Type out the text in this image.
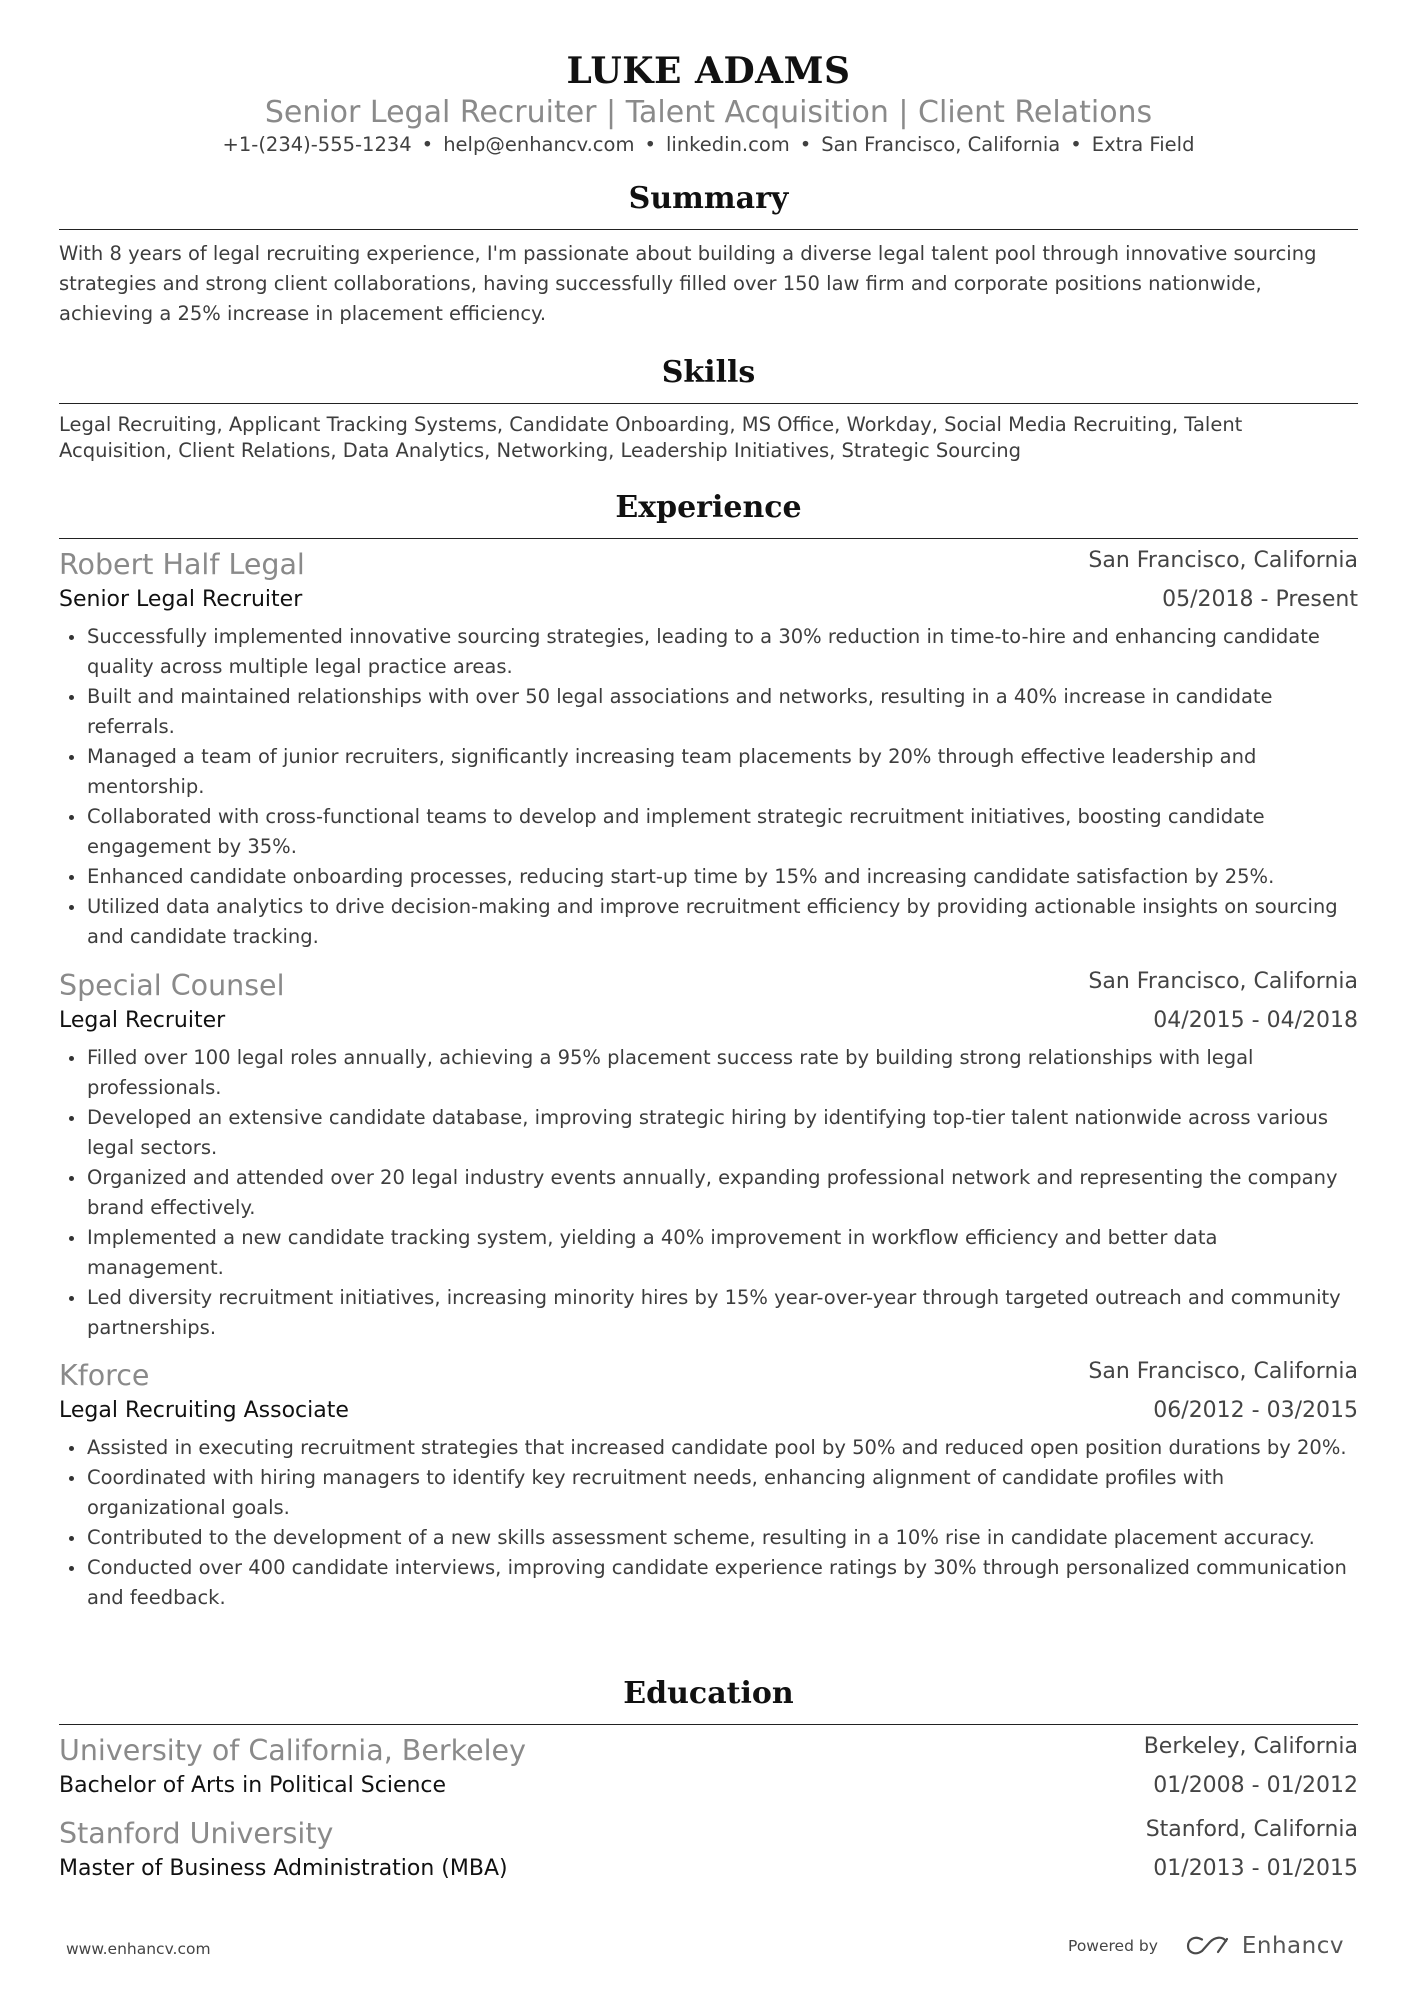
LUKE ADAMS
Senior Legal Recruiter | Talent Acquisition | Client Relations
+1-(234)-555-1234 • help@enhancv.com • linkedin.com • San Francisco, California • Extra Field
Summary
With 8 years of legal recruiting experience, I'm passionate about building a diverse legal talent pool through innovative sourcing strategies and strong client collaborations, having successfully filled over 150 law firm and corporate positions nationwide, achieving a 25% increase in placement efficiency.
Skills
Legal Recruiting, Applicant Tracking Systems, Candidate Onboarding, MS Office, Workday, Social Media Recruiting, Talent Acquisition, Client Relations, Data Analytics, Networking, Leadership Initiatives, Strategic Sourcing
Experience
Robert Half Legal	San Francisco, California
Senior Legal Recruiter	05/2018 - Present
Successfully implemented innovative sourcing strategies, leading to a 30% reduction in time-to-hire and enhancing candidate quality across multiple legal practice areas.
Built and maintained relationships with over 50 legal associations and networks, resulting in a 40% increase in candidate referrals.
Managed a team of junior recruiters, significantly increasing team placements by 20% through effective leadership and mentorship.
Collaborated with cross-functional teams to develop and implement strategic recruitment initiatives, boosting candidate engagement by 35%.
Enhanced candidate onboarding processes, reducing start-up time by 15% and increasing candidate satisfaction by 25%.
Utilized data analytics to drive decision-making and improve recruitment efficiency by providing actionable insights on sourcing and candidate tracking.
Special Counsel	San Francisco, California
Legal Recruiter	04/2015 - 04/2018
Filled over 100 legal roles annually, achieving a 95% placement success rate by building strong relationships with legal professionals.
Developed an extensive candidate database, improving strategic hiring by identifying top-tier talent nationwide across various legal sectors.
Organized and attended over 20 legal industry events annually, expanding professional network and representing the company brand effectively.
Implemented a new candidate tracking system, yielding a 40% improvement in workflow efficiency and better data management.
Led diversity recruitment initiatives, increasing minority hires by 15% year-over-year through targeted outreach and community partnerships.
Kforce	San Francisco, California
Legal Recruiting Associate	06/2012 - 03/2015
Assisted in executing recruitment strategies that increased candidate pool by 50% and reduced open position durations by 20%.
Coordinated with hiring managers to identify key recruitment needs, enhancing alignment of candidate profiles with organizational goals.
Contributed to the development of a new skills assessment scheme, resulting in a 10% rise in candidate placement accuracy.
Conducted over 400 candidate interviews, improving candidate experience ratings by 30% through personalized communication and feedback.
Education
University of California, Berkeley	Berkeley, California
Bachelor of Arts in Political Science	01/2008 - 01/2012
Stanford University	Stanford, California
Master of Business Administration (MBA)	01/2013 - 01/2015
www.enhancv.com	Powered by	Enhancv
